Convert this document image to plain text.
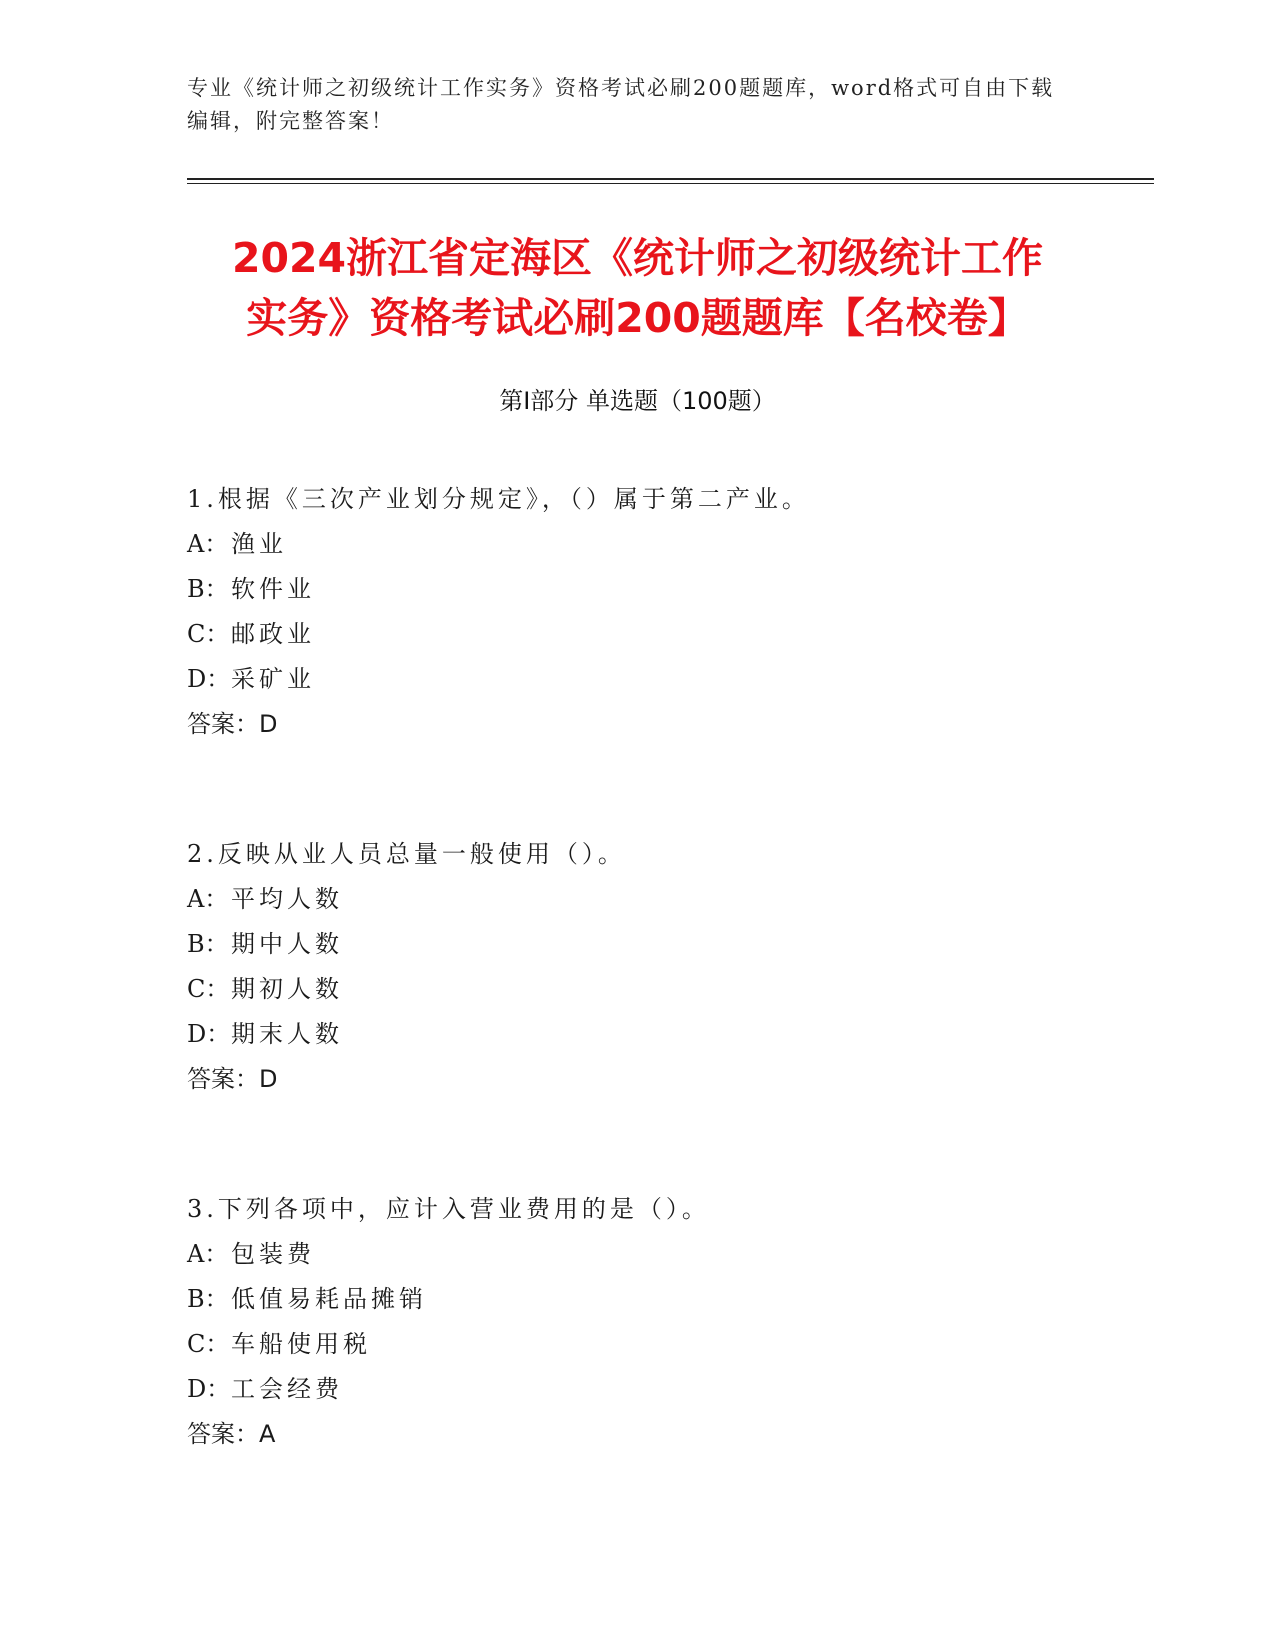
专业《统计师之初级统计工作实务》资格考试必刷200题题库，word格式可自由下载编辑，附完整答案！
2024浙江省定海区《统计师之初级统计工作
实务》资格考试必刷200题题库【名校卷】
第Ⅰ部分 单选题（100题）
1.根据《三次产业划分规定》，（）属于第二产业。
A： 渔业
B：软件业
C：邮政业
D：采矿业
答案：D
2.反映从业人员总量一般使用（）。
A： 平均人数
B：期中人数
C：期初人数
D：期末人数
答案：D
3.下列各项中，应计入营业费用的是（）。
A： 包装费
B：低值易耗品摊销
C：车船使用税
D：工会经费
答案：A
